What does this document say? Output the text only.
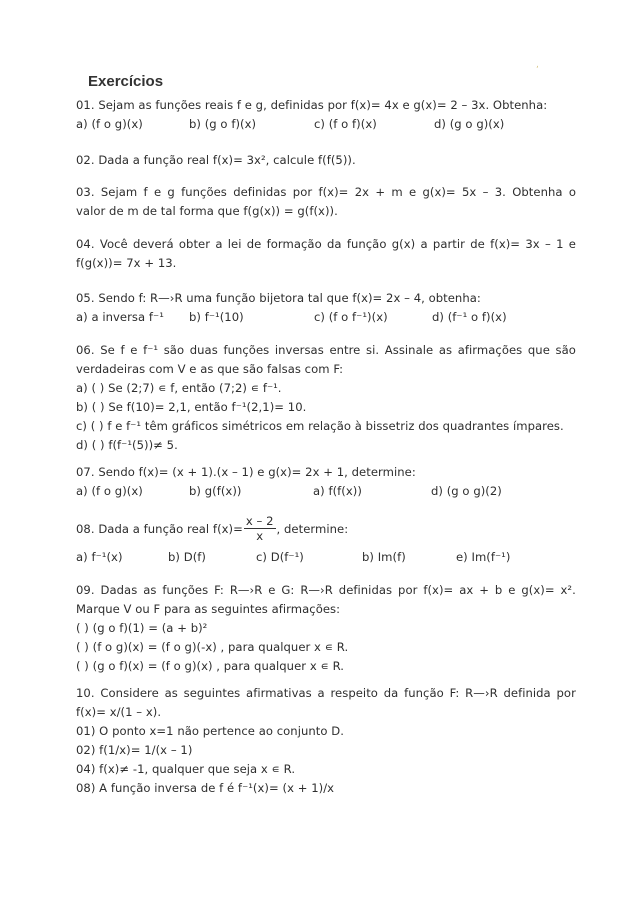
,
Exercícios
01. Sejam as funções reais f e g, definidas por f(x)= 4x e g(x)= 2 – 3x. Obtenha:
a) (f o g)(x)	b) (g o f)(x)	c) (f o f)(x)	d) (g o g)(x)
02. Dada a função real f(x)= 3x², calcule f(f(5)).
03. Sejam f e g funções definidas por f(x)= 2x + m e g(x)= 5x – 3. Obtenha o
valor de m de tal forma que f(g(x)) = g(f(x)).
04. Você deverá obter a lei de formação da função g(x) a partir de f(x)= 3x – 1 e
f(g(x))= 7x + 13.
05. Sendo f: R—›R uma função bijetora tal que f(x)= 2x – 4, obtenha:
a) a inversa f⁻¹ b) f⁻¹(10)	c) (f o f⁻¹)(x)	d) (f⁻¹ o f)(x)
06. Se f e f⁻¹ são duas funções inversas entre si. Assinale as afirmações que são
verdadeiras com V e as que são falsas com F:
a) ( ) Se (2;7) ∊ f, então (7;2) ∊ f⁻¹.
b) ( ) Se f(10)= 2,1, então f⁻¹(2,1)= 10.
c) ( ) f e f⁻¹ têm gráficos simétricos em relação à bissetriz dos quadrantes ímpares.
d) ( ) f(f⁻¹(5))≠ 5.
07. Sendo f(x)= (x + 1).(x – 1) e g(x)= 2x + 1, determine:
a) (f o g)(x)	b) g(f(x))	a) f(f(x))	d) (g o g)(2)
08. Dada a função real $f(x)= \frac{x - 2}{x}$ , determine:
a) f⁻¹(x)	b) D(f)	c) D(f⁻¹)	b) Im(f)	e) Im(f⁻¹)
09. Dadas as funções F: R—›R e G: R—›R definidas por f(x)= ax + b e g(x)= x².
Marque V ou F para as seguintes afirmações:
( ) (g o f)(1) = (a + b)²
( ) (f o g)(x) = (f o g)(-x) , para qualquer x ∊ R.
( ) (g o f)(x) = (f o g)(x) , para qualquer x ∊ R.
10. Considere as seguintes afirmativas a respeito da função F: R—›R definida por
f(x)= x/(1 – x).
01) O ponto x=1 não pertence ao conjunto D.
02) f(1/x)= 1/(x – 1)
04) f(x)≠ -1, qualquer que seja x ∊ R.
08) A função inversa de f é f⁻¹(x)= (x + 1)/x
